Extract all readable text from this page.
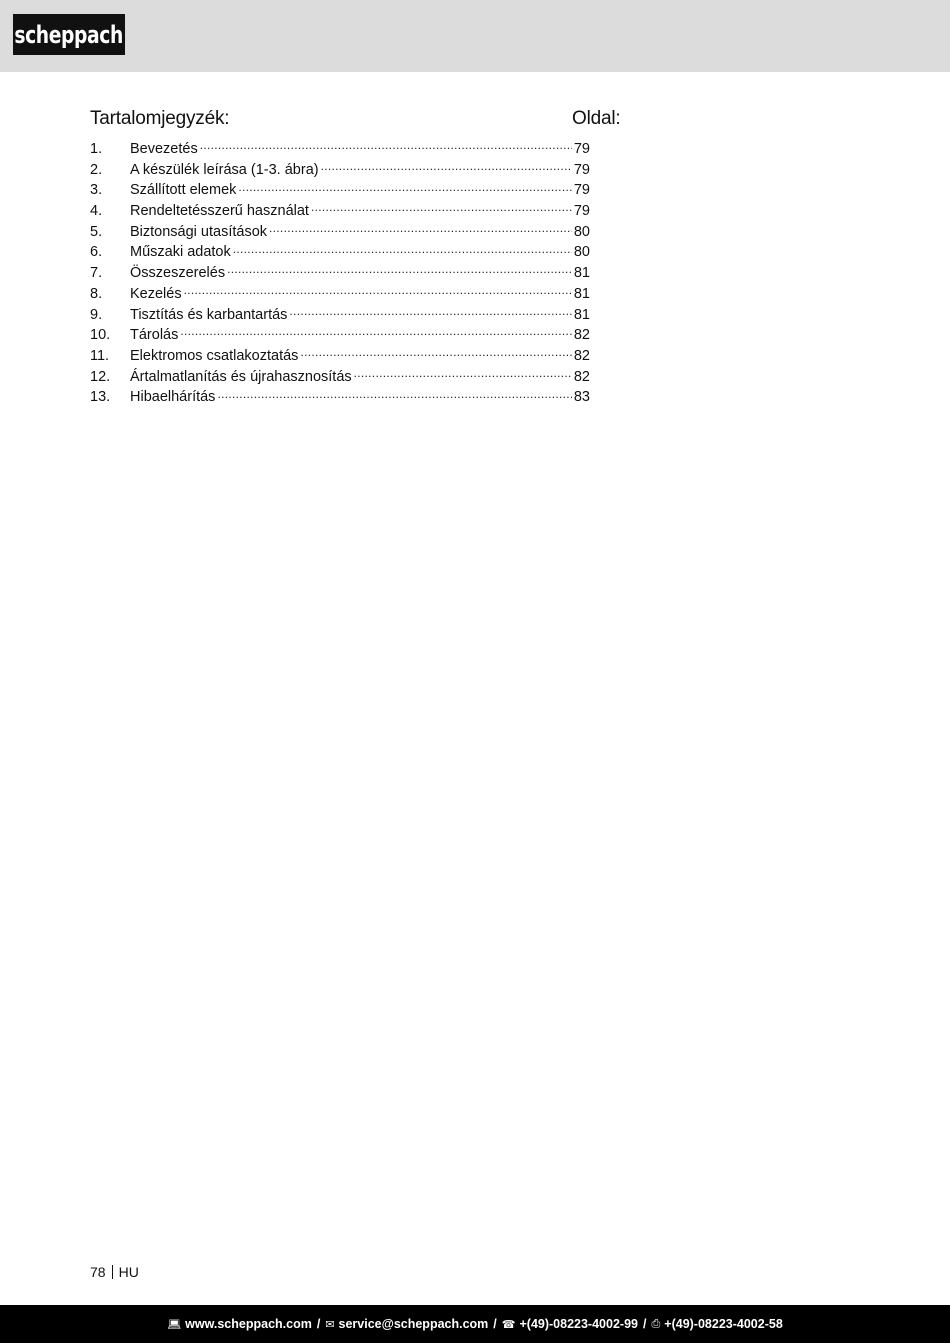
scheppach
Tartalomjegyzék:	Oldal:
1.	Bevezetés .....	79
2.	A készülék leírása (1-3. ábra) .....	79
3.	Szállított elemek .....	79
4.	Rendeltetésszerű használat .....	79
5.	Biztonsági utasítások .....	80
6.	Műszaki adatok .....	80
7.	Összeszerelés .....	81
8.	Kezelés .....	81
9.	Tisztítás és karbantartás .....	81
10.	Tárolás .....	82
11.	Elektromos csatlakoztatás .....	82
12.	Ártalmatlanítás és újrahasznosítás .....	82
13.	Hibaelhárítás .....	83
78 HU
💻︎ www.scheppach.com / ✉ service@scheppach.com / ☎ +(49)-08223-4002-99 / ⎙ +(49)-08223-4002-58
